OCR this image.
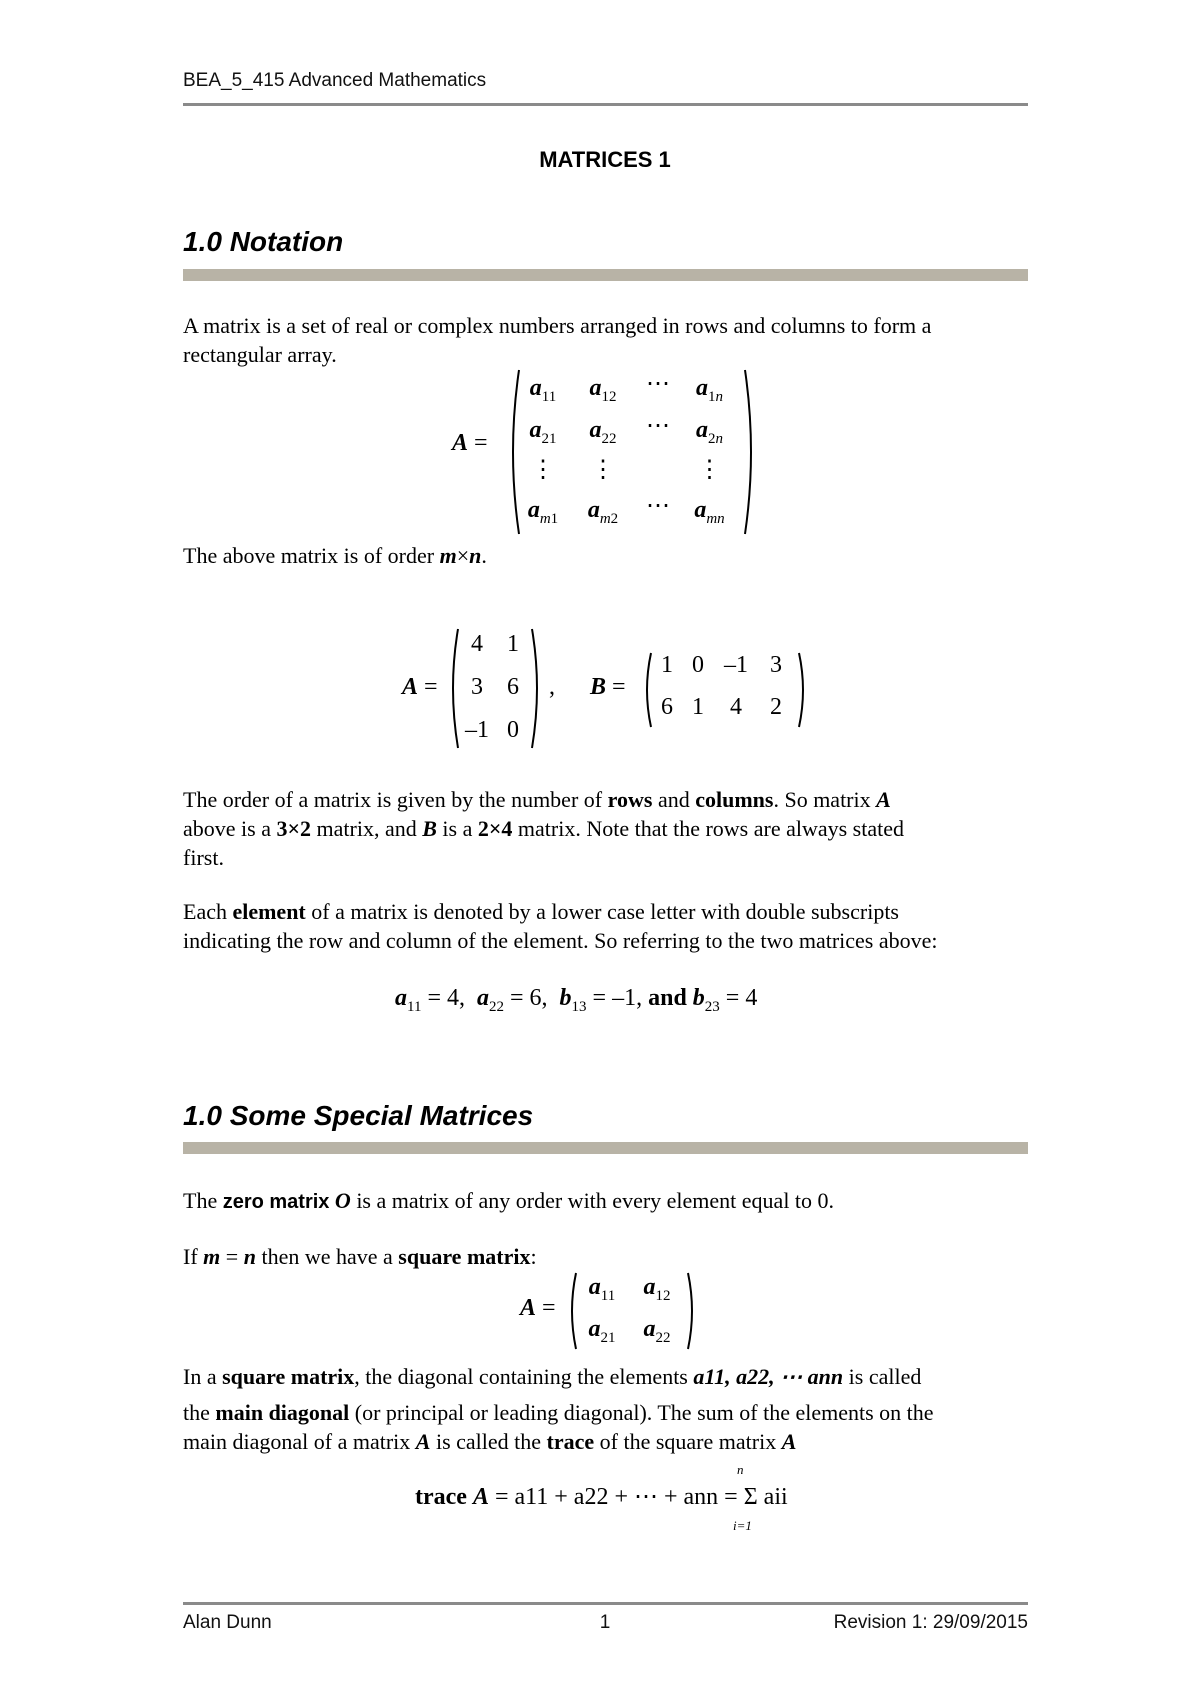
BEA_5_415 Advanced Mathematics
MATRICES 1
1.0 Notation
A matrix is a set of real or complex numbers arranged in rows and columns to form a
rectangular array.
A =
$a_{11}$	$a_{12}$	⋯	$a_{1n}$
$a_{21}$	$a_{22}$	⋯	$a_{2n}$
⋮	⋮	⋮
$a_{m1}$	$a_{m2}$	⋯	$a_{mn}$
The above matrix is of order m×n.
A =
4	1
3	6
–1 0
, B =
1 0 –1 3
6 1	4	2
The order of a matrix is given by the number of rows and columns. So matrix A
above is a 3×2 matrix, and B is a 2×4 matrix. Note that the rows are always stated
first.
Each element of a matrix is denoted by a lower case letter with double subscripts
indicating the row and column of the element. So referring to the two matrices above:
$a_{11} = 4$, $a_{22} = 6$, $b_{13} = -1$, and $b_{23} = 4$
1.0 Some Special Matrices
The zero matrix O is a matrix of any order with every element equal to 0.
If m = n then we have a square matrix:
A =
$a_{11}$	$a_{12}$
$a_{21}$	$a_{22}$
In a square matrix, the diagonal containing the elements a11, a22, ⋯ ann is called
the main diagonal (or principal or leading diagonal). The sum of the elements on the
main diagonal of a matrix A is called the trace of the square matrix A
trace A = a11 + a22 + ⋯ + ann = Σ aii
n
i=1
Alan Dunn	1	Revision 1: 29/09/2015
